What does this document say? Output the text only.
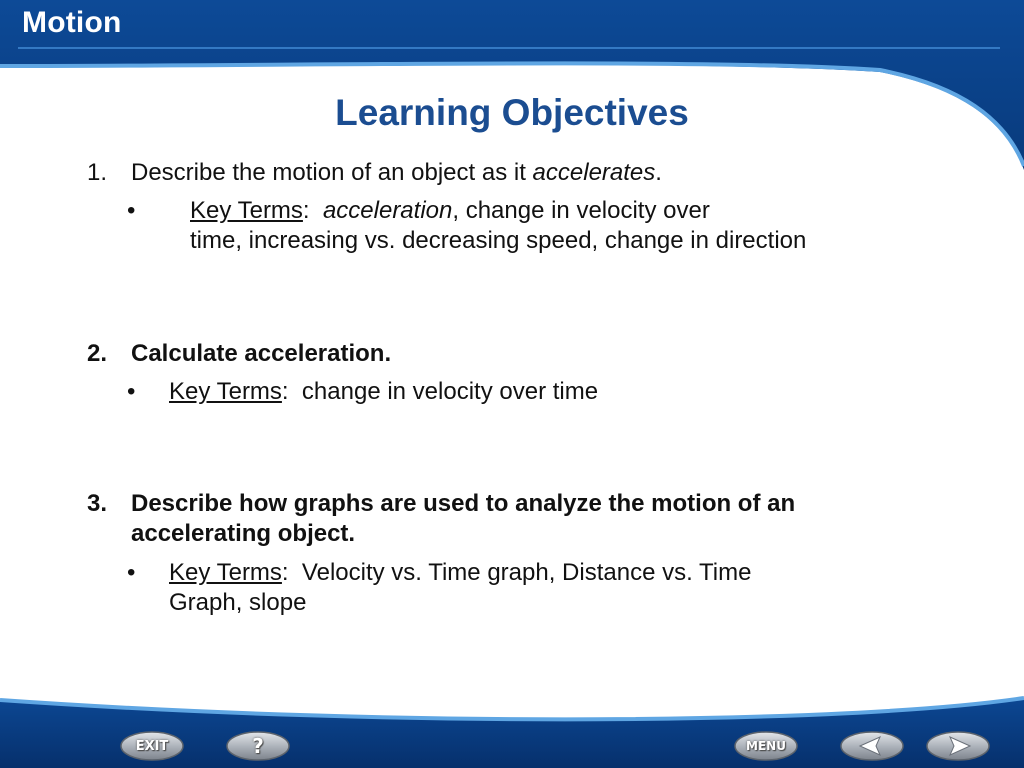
Motion
Learning Objectives
1. Describe the motion of an object as it accelerates.
• Key Terms:  acceleration, change in velocity over
time, increasing vs. decreasing speed, change in direction
2. Calculate acceleration.
• Key Terms:  change in velocity over time
3. Describe how graphs are used to analyze the motion of an
accelerating object.
• Key Terms:  Velocity vs. Time graph, Distance vs. Time
Graph, slope
EXIT	?	MENU
